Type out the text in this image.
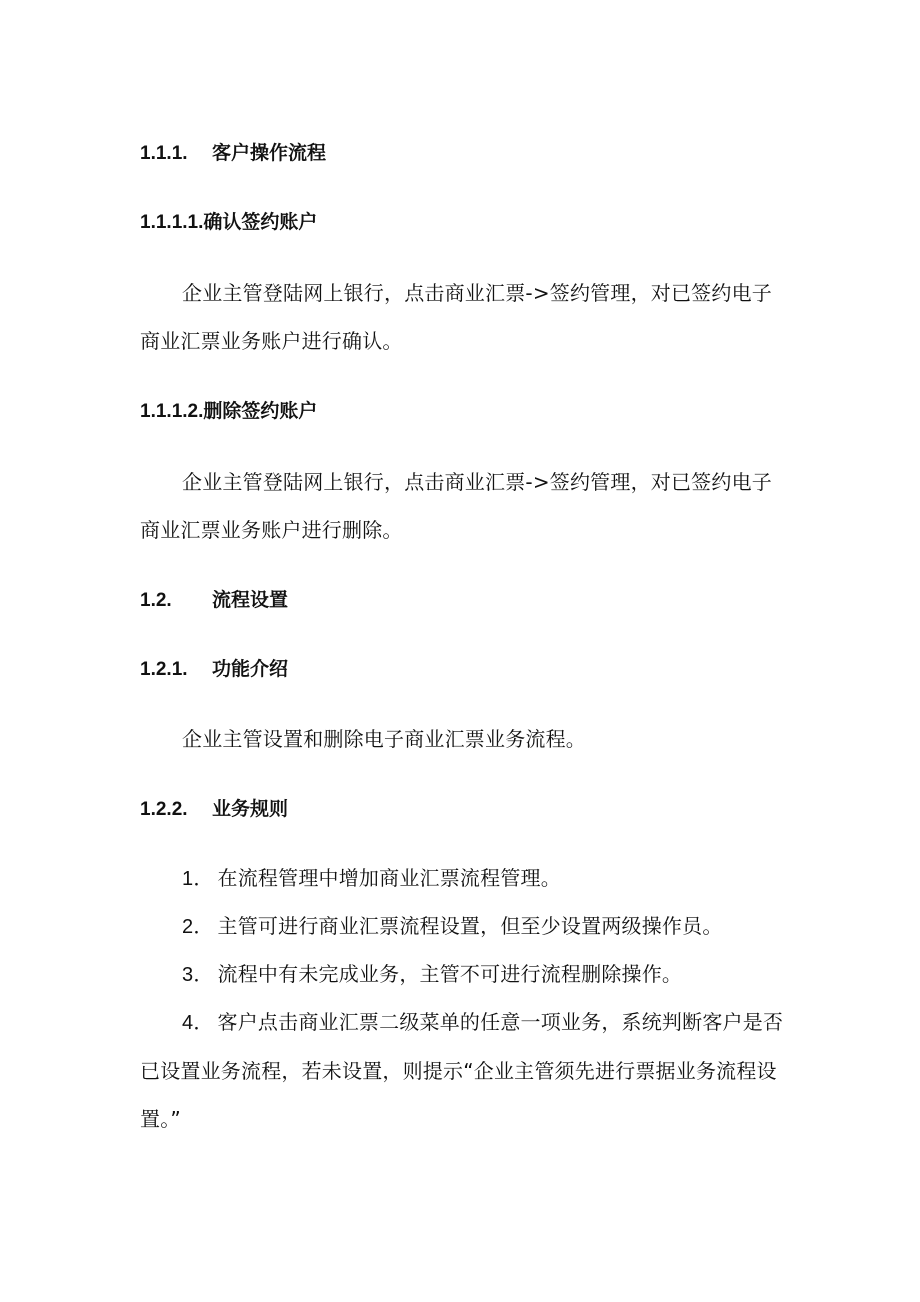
1.1.1. 客户操作流程
1.1.1.1.确认签约账户

企业主管登陆网上银行，点击商业汇票->签约管理，对已签约电子商业汇票业务账户进行确认。

1.1.1.2.删除签约账户

企业主管登陆网上银行，点击商业汇票->签约管理，对已签约电子商业汇票业务账户进行删除。

1.2. 流程设置
1.2.1. 功能介绍

企业主管设置和删除电子商业汇票业务流程。

1.2.2. 业务规则
1． 在流程管理中增加商业汇票流程管理。
2． 主管可进行商业汇票流程设置，但至少设置两级操作员。
3． 流程中有未完成业务，主管不可进行流程删除操作。

4． 客户点击商业汇票二级菜单的任意一项业务，系统判断客户是否已设置业务流程，若未设置，则提示“企业主管须先进行票据业务流程设置。”
